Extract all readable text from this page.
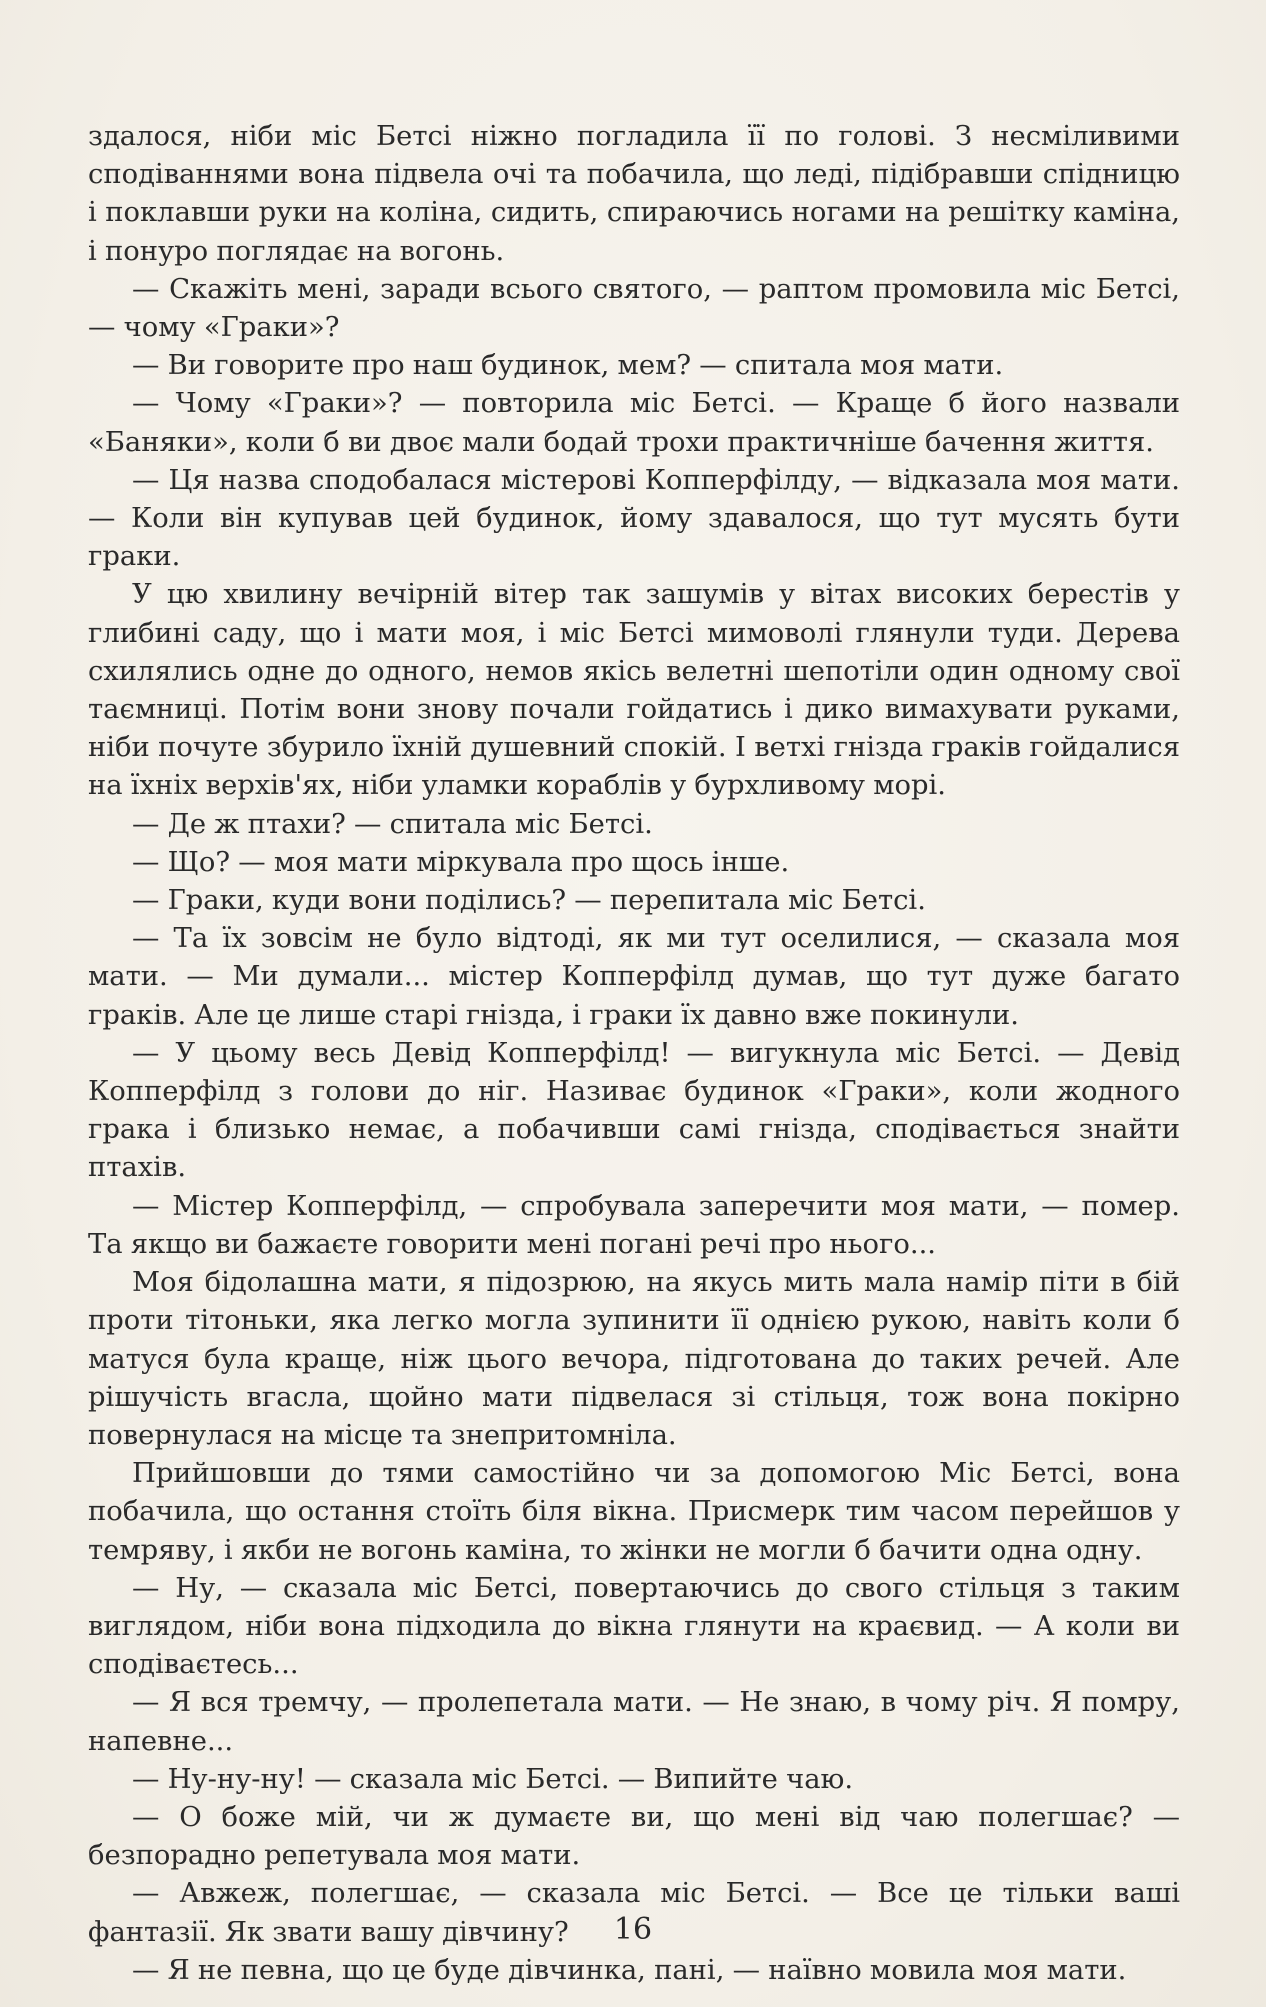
здалося, ніби міс Бетсі ніжно погладила її по голові. З несміливими сподіваннями вона підвела очі та побачила, що леді, підібравши спідницю і поклавши руки на коліна, сидить, спираючись ногами на решітку каміна, і понуро поглядає на вогонь.

— Скажіть мені, заради всього святого, — раптом промовила міс Бетсі, — чому «Граки»?

— Ви говорите про наш будинок, мем? — спитала моя мати.

— Чому «Граки»? — повторила міс Бетсі. — Краще б його назвали «Баняки», коли б ви двоє мали бодай трохи практичніше бачення життя.

— Ця назва сподобалася містерові Копперфілду, — відказала моя мати. — Коли він купував цей будинок, йому здавалося, що тут мусять бути граки.

У цю хвилину вечірній вітер так зашумів у вітах високих берестів у глибині саду, що і мати моя, і міс Бетсі мимоволі глянули туди. Дерева схилялись одне до одного, немов якісь велетні шепотіли один одному свої таємниці. Потім вони знову почали гойдатись і дико вимахувати руками, ніби почуте збурило їхній душевний спокій. І ветхі гнізда граків гойдалися на їхніх верхів'ях, ніби уламки кораблів у бурхливому морі.

— Де ж птахи? — спитала міс Бетсі.

— Що? — моя мати міркувала про щось інше.

— Граки, куди вони поділись? — перепитала міс Бетсі.

— Та їх зовсім не було відтоді, як ми тут оселилися, — сказала моя мати. — Ми думали... містер Копперфілд думав, що тут дуже багато граків. Але це лише старі гнізда, і граки їх давно вже покинули.

— У цьому весь Девід Копперфілд! — вигукнула міс Бетсі. — Девід Копперфілд з голови до ніг. Називає будинок «Граки», коли жодного грака і близько немає, а побачивши самі гнізда, сподівається знайти птахів.

— Містер Копперфілд, — спробувала заперечити моя мати, — помер. Та якщо ви бажаєте говорити мені погані речі про нього...

Моя бідолашна мати, я підозрюю, на якусь мить мала намір піти в бій проти тітоньки, яка легко могла зупинити її однією рукою, навіть коли б матуся була краще, ніж цього вечора, підготована до таких речей. Але рішучість вгасла, щойно мати підвелася зі стільця, тож вона покірно повернулася на місце та знепритомніла.

Прийшовши до тями самостійно чи за допомогою Міс Бетсі, вона побачила, що остання стоїть біля вікна. Присмерк тим часом перейшов у темряву, і якби не вогонь каміна, то жінки не могли б бачити одна одну.

— Ну, — сказала міс Бетсі, повертаючись до свого стільця з таким виглядом, ніби вона підходила до вікна глянути на краєвид. — А коли ви сподіваєтесь...

— Я вся тремчу, — пролепетала мати. — Не знаю, в чому річ. Я помру, напевне...

— Ну-ну-ну! — сказала міс Бетсі. — Випийте чаю.

— О боже мій, чи ж думаєте ви, що мені від чаю полегшає? — безпорадно репетувала моя мати.

— Авжеж, полегшає, — сказала міс Бетсі. — Все це тільки ваші фантазії. Як звати вашу дівчину?

— Я не певна, що це буде дівчинка, пані, — наївно мовила моя мати.

16
